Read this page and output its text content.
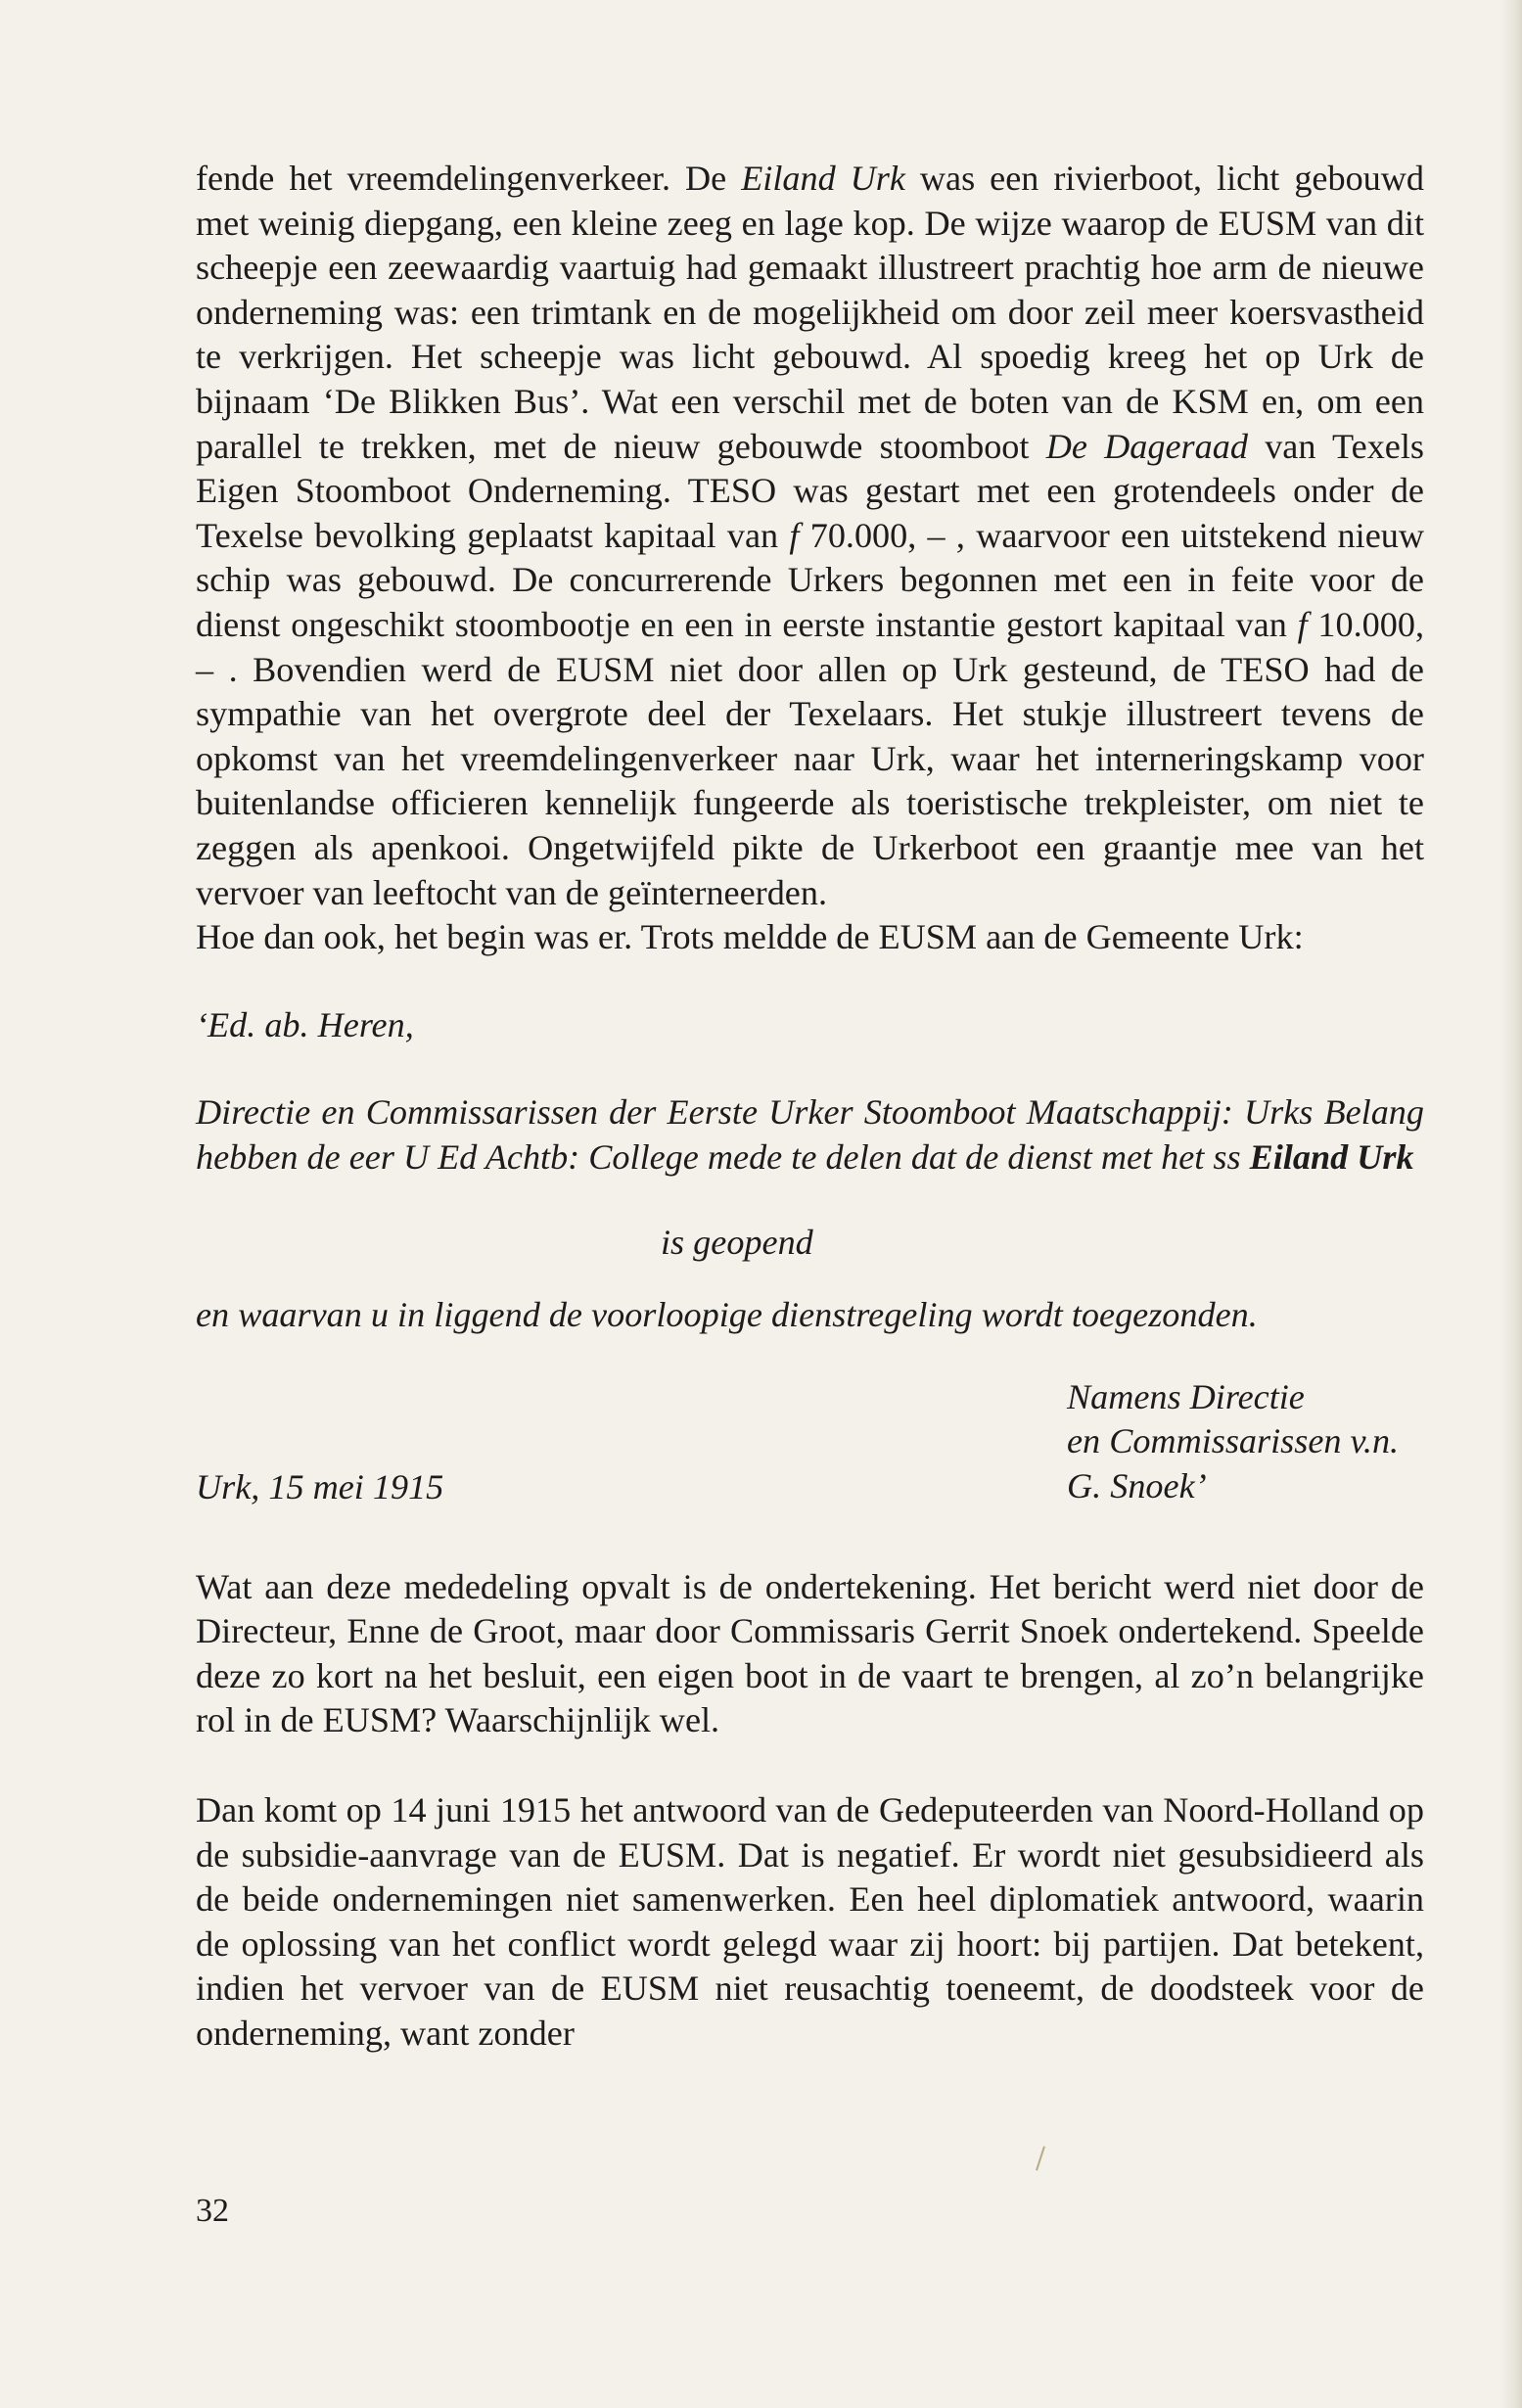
fende het vreemdelingenverkeer. De Eiland Urk was een rivierboot, licht gebouwd met weinig diepgang, een kleine zeeg en lage kop. De wijze waarop de EUSM van dit scheepje een zeewaardig vaartuig had gemaakt illustreert prachtig hoe arm de nieuwe onderneming was: een trimtank en de mogelijkheid om door zeil meer koersvastheid te verkrijgen. Het scheepje was licht gebouwd. Al spoedig kreeg het op Urk de bijnaam ‘De Blikken Bus’. Wat een verschil met de boten van de KSM en, om een parallel te trekken, met de nieuw gebouwde stoomboot De Dageraad van Texels Eigen Stoomboot Onderneming. TESO was gestart met een grotendeels onder de Texelse bevolking geplaatst kapitaal van f 70.000, – , waarvoor een uitstekend nieuw schip was gebouwd. De concurrerende Urkers begonnen met een in feite voor de dienst ongeschikt stoombootje en een in eerste instantie gestort kapitaal van f 10.000, – . Bovendien werd de EUSM niet door allen op Urk gesteund, de TESO had de sympathie van het overgrote deel der Texelaars. Het stukje illustreert tevens de opkomst van het vreemdelingenverkeer naar Urk, waar het interneringskamp voor buitenlandse officieren kennelijk fungeerde als toeristische trekpleister, om niet te zeggen als apenkooi. Ongetwijfeld pikte de Urkerboot een graantje mee van het vervoer van leeftocht van de geïnterneerden.

Hoe dan ook, het begin was er. Trots meldde de EUSM aan de Gemeente Urk:

‘Ed. ab. Heren,

Directie en Commissarissen der Eerste Urker Stoomboot Maatschappij: Urks Belang hebben de eer U Ed Achtb: College mede te delen dat de dienst met het ss Eiland Urk

is geopend
en waarvan u in liggend de voorloopige dienstregeling wordt toegezonden.
Urk, 15 mei 1915
Namens Directie
en Commissarissen v.n.
G. Snoek’

Wat aan deze mededeling opvalt is de ondertekening. Het bericht werd niet door de Directeur, Enne de Groot, maar door Commissaris Gerrit Snoek ondertekend. Speelde deze zo kort na het besluit, een eigen boot in de vaart te brengen, al zo’n belangrijke rol in de EUSM? Waarschijnlijk wel.

Dan komt op 14 juni 1915 het antwoord van de Gedeputeerden van Noord-Holland op de subsidie-aanvrage van de EUSM. Dat is negatief. Er wordt niet gesubsidieerd als de beide ondernemingen niet samenwerken. Een heel diplomatiek antwoord, waarin de oplossing van het conflict wordt gelegd waar zij hoort: bij partijen. Dat betekent, indien het vervoer van de EUSM niet reusachtig toeneemt, de doodsteek voor de onderneming, want zonder

32
